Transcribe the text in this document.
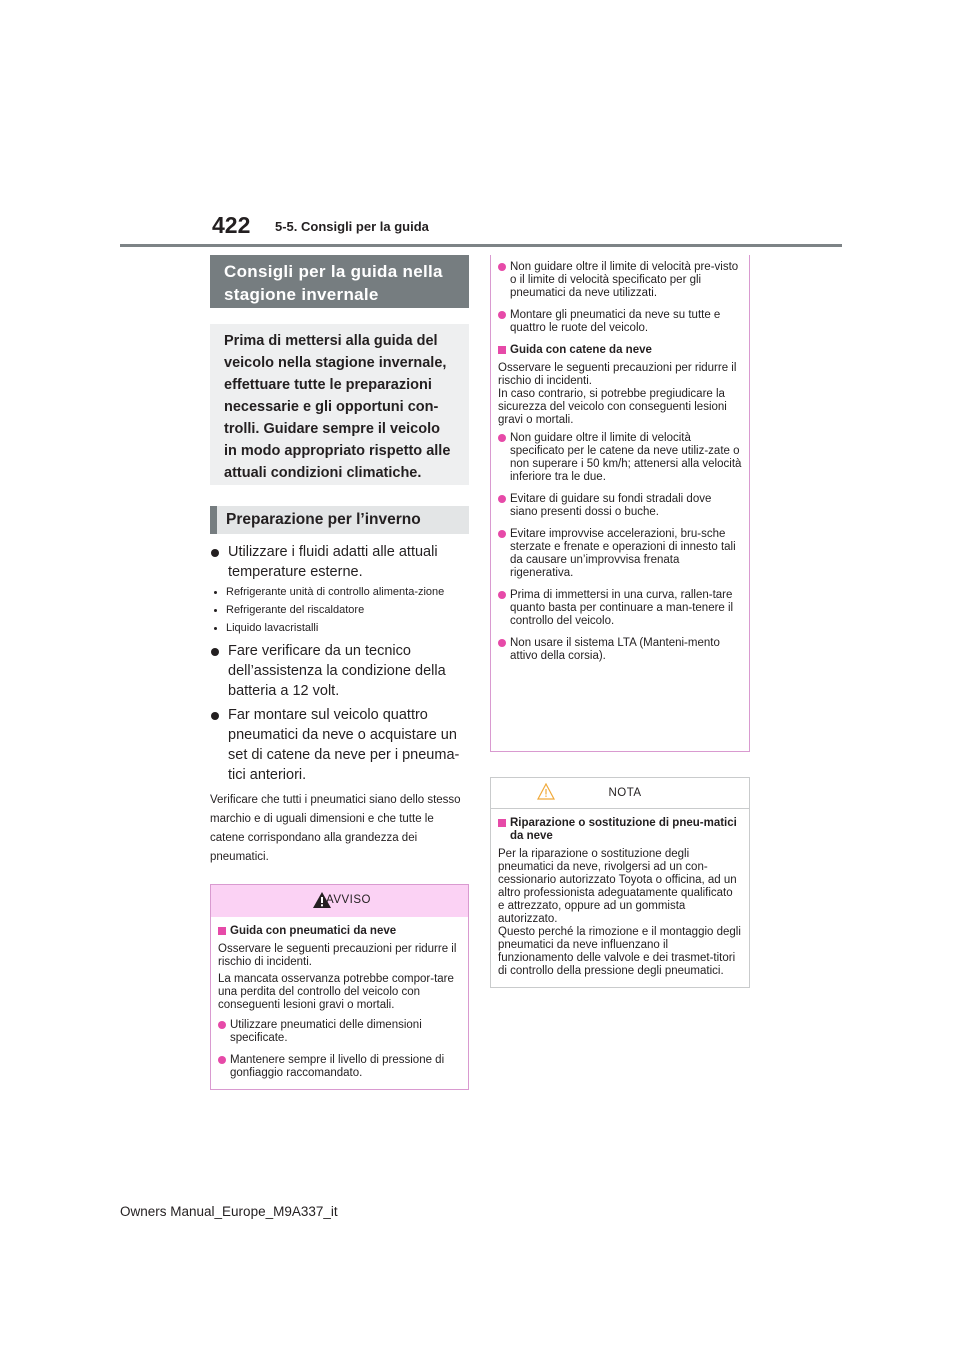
422 5-5. Consigli per la guida
Consigli per la guida nella stagione invernale
Prima di mettersi alla guida del veicolo nella stagione invernale, effettuare tutte le preparazioni necessarie e gli opportuni con-trolli. Guidare sempre il veicolo in modo appropriato rispetto alle attuali condizioni climatiche.
Preparazione per l’inverno
Utilizzare i fluidi adatti alle attuali temperature esterne.
Refrigerante unità di controllo alimenta-zione
Refrigerante del riscaldatore
Liquido lavacristalli
Fare verificare da un tecnico dell’assistenza la condizione della batteria a 12 volt.
Far montare sul veicolo quattro pneumatici da neve o acquistare un set di catene da neve per i pneuma-tici anteriori.
Verificare che tutti i pneumatici siano dello stesso marchio e di uguali dimensioni e che tutte le catene corrispondano alla grandezza dei pneumatici.
AVVISO
Guida con pneumatici da neve
Osservare le seguenti precauzioni per ridurre il rischio di incidenti.
La mancata osservanza potrebbe compor-tare una perdita del controllo del veicolo con conseguenti lesioni gravi o mortali.
Utilizzare pneumatici delle dimensioni specificate.
Mantenere sempre il livello di pressione di gonfiaggio raccomandato.
Non guidare oltre il limite di velocità pre-visto o il limite di velocità specificato per gli pneumatici da neve utilizzati.
Montare gli pneumatici da neve su tutte e quattro le ruote del veicolo.
Guida con catene da neve
Osservare le seguenti precauzioni per ridurre il rischio di incidenti.
In caso contrario, si potrebbe pregiudicare la sicurezza del veicolo con conseguenti lesioni gravi o mortali.
Non guidare oltre il limite di velocità specificato per le catene da neve utiliz-zate o non superare i 50 km/h; attenersi alla velocità inferiore tra le due.
Evitare di guidare su fondi stradali dove siano presenti dossi o buche.
Evitare improvvise accelerazioni, bru-sche sterzate e frenate e operazioni di innesto tali da causare un’improvvisa frenata rigenerativa.
Prima di immettersi in una curva, rallen-tare quanto basta per continuare a man-tenere il controllo del veicolo.
Non usare il sistema LTA (Manteni-mento attivo della corsia).
NOTA
Riparazione o sostituzione di pneu-matici da neve
Per la riparazione o sostituzione degli pneumatici da neve, rivolgersi ad un con-cessionario autorizzato Toyota o officina, ad un altro professionista adeguatamente qualificato e attrezzato, oppure ad un gommista autorizzato.
Questo perché la rimozione e il montaggio degli pneumatici da neve influenzano il funzionamento delle valvole e dei trasmet-titori di controllo della pressione degli pneumatici.
Owners Manual_Europe_M9A337_it
